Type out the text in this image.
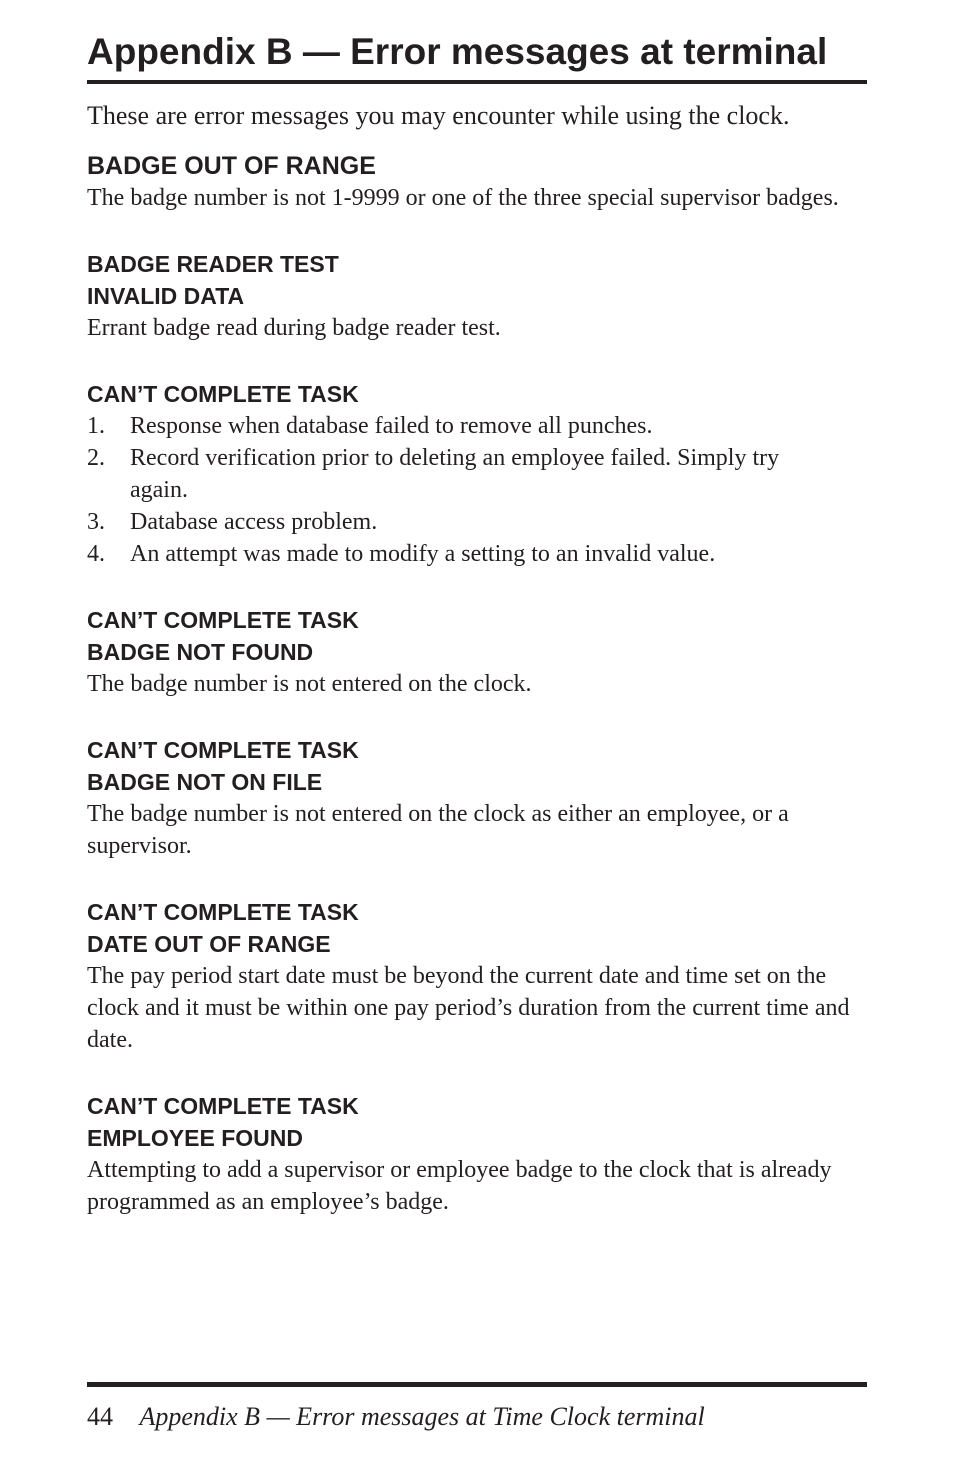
Appendix B — Error messages at terminal

These are error messages you may encounter while using the clock.

BADGE OUT OF RANGE

The badge number is not 1-9999 or one of the three special supervisor badges.

BADGE READER TEST
INVALID DATA

Errant badge read during badge reader test.

CAN’T COMPLETE TASK
1.	Response when database failed to remove all punches.
2.	Record verification prior to deleting an employee failed. Simply try again.
3.	Database access problem.
4.	An attempt was made to modify a setting to an invalid value.
CAN’T COMPLETE TASK
BADGE NOT FOUND

The badge number is not entered on the clock.

CAN’T COMPLETE TASK
BADGE NOT ON FILE

The badge number is not entered on the clock as either an employee, or a supervisor.

CAN’T COMPLETE TASK
DATE OUT OF RANGE

The pay period start date must be beyond the current date and time set on the clock and it must be within one pay period’s duration from the current time and date.

CAN’T COMPLETE TASK
EMPLOYEE FOUND

Attempting to add a supervisor or employee badge to the clock that is already programmed as an employee’s badge.

44 Appendix B — Error messages at Time Clock terminal
